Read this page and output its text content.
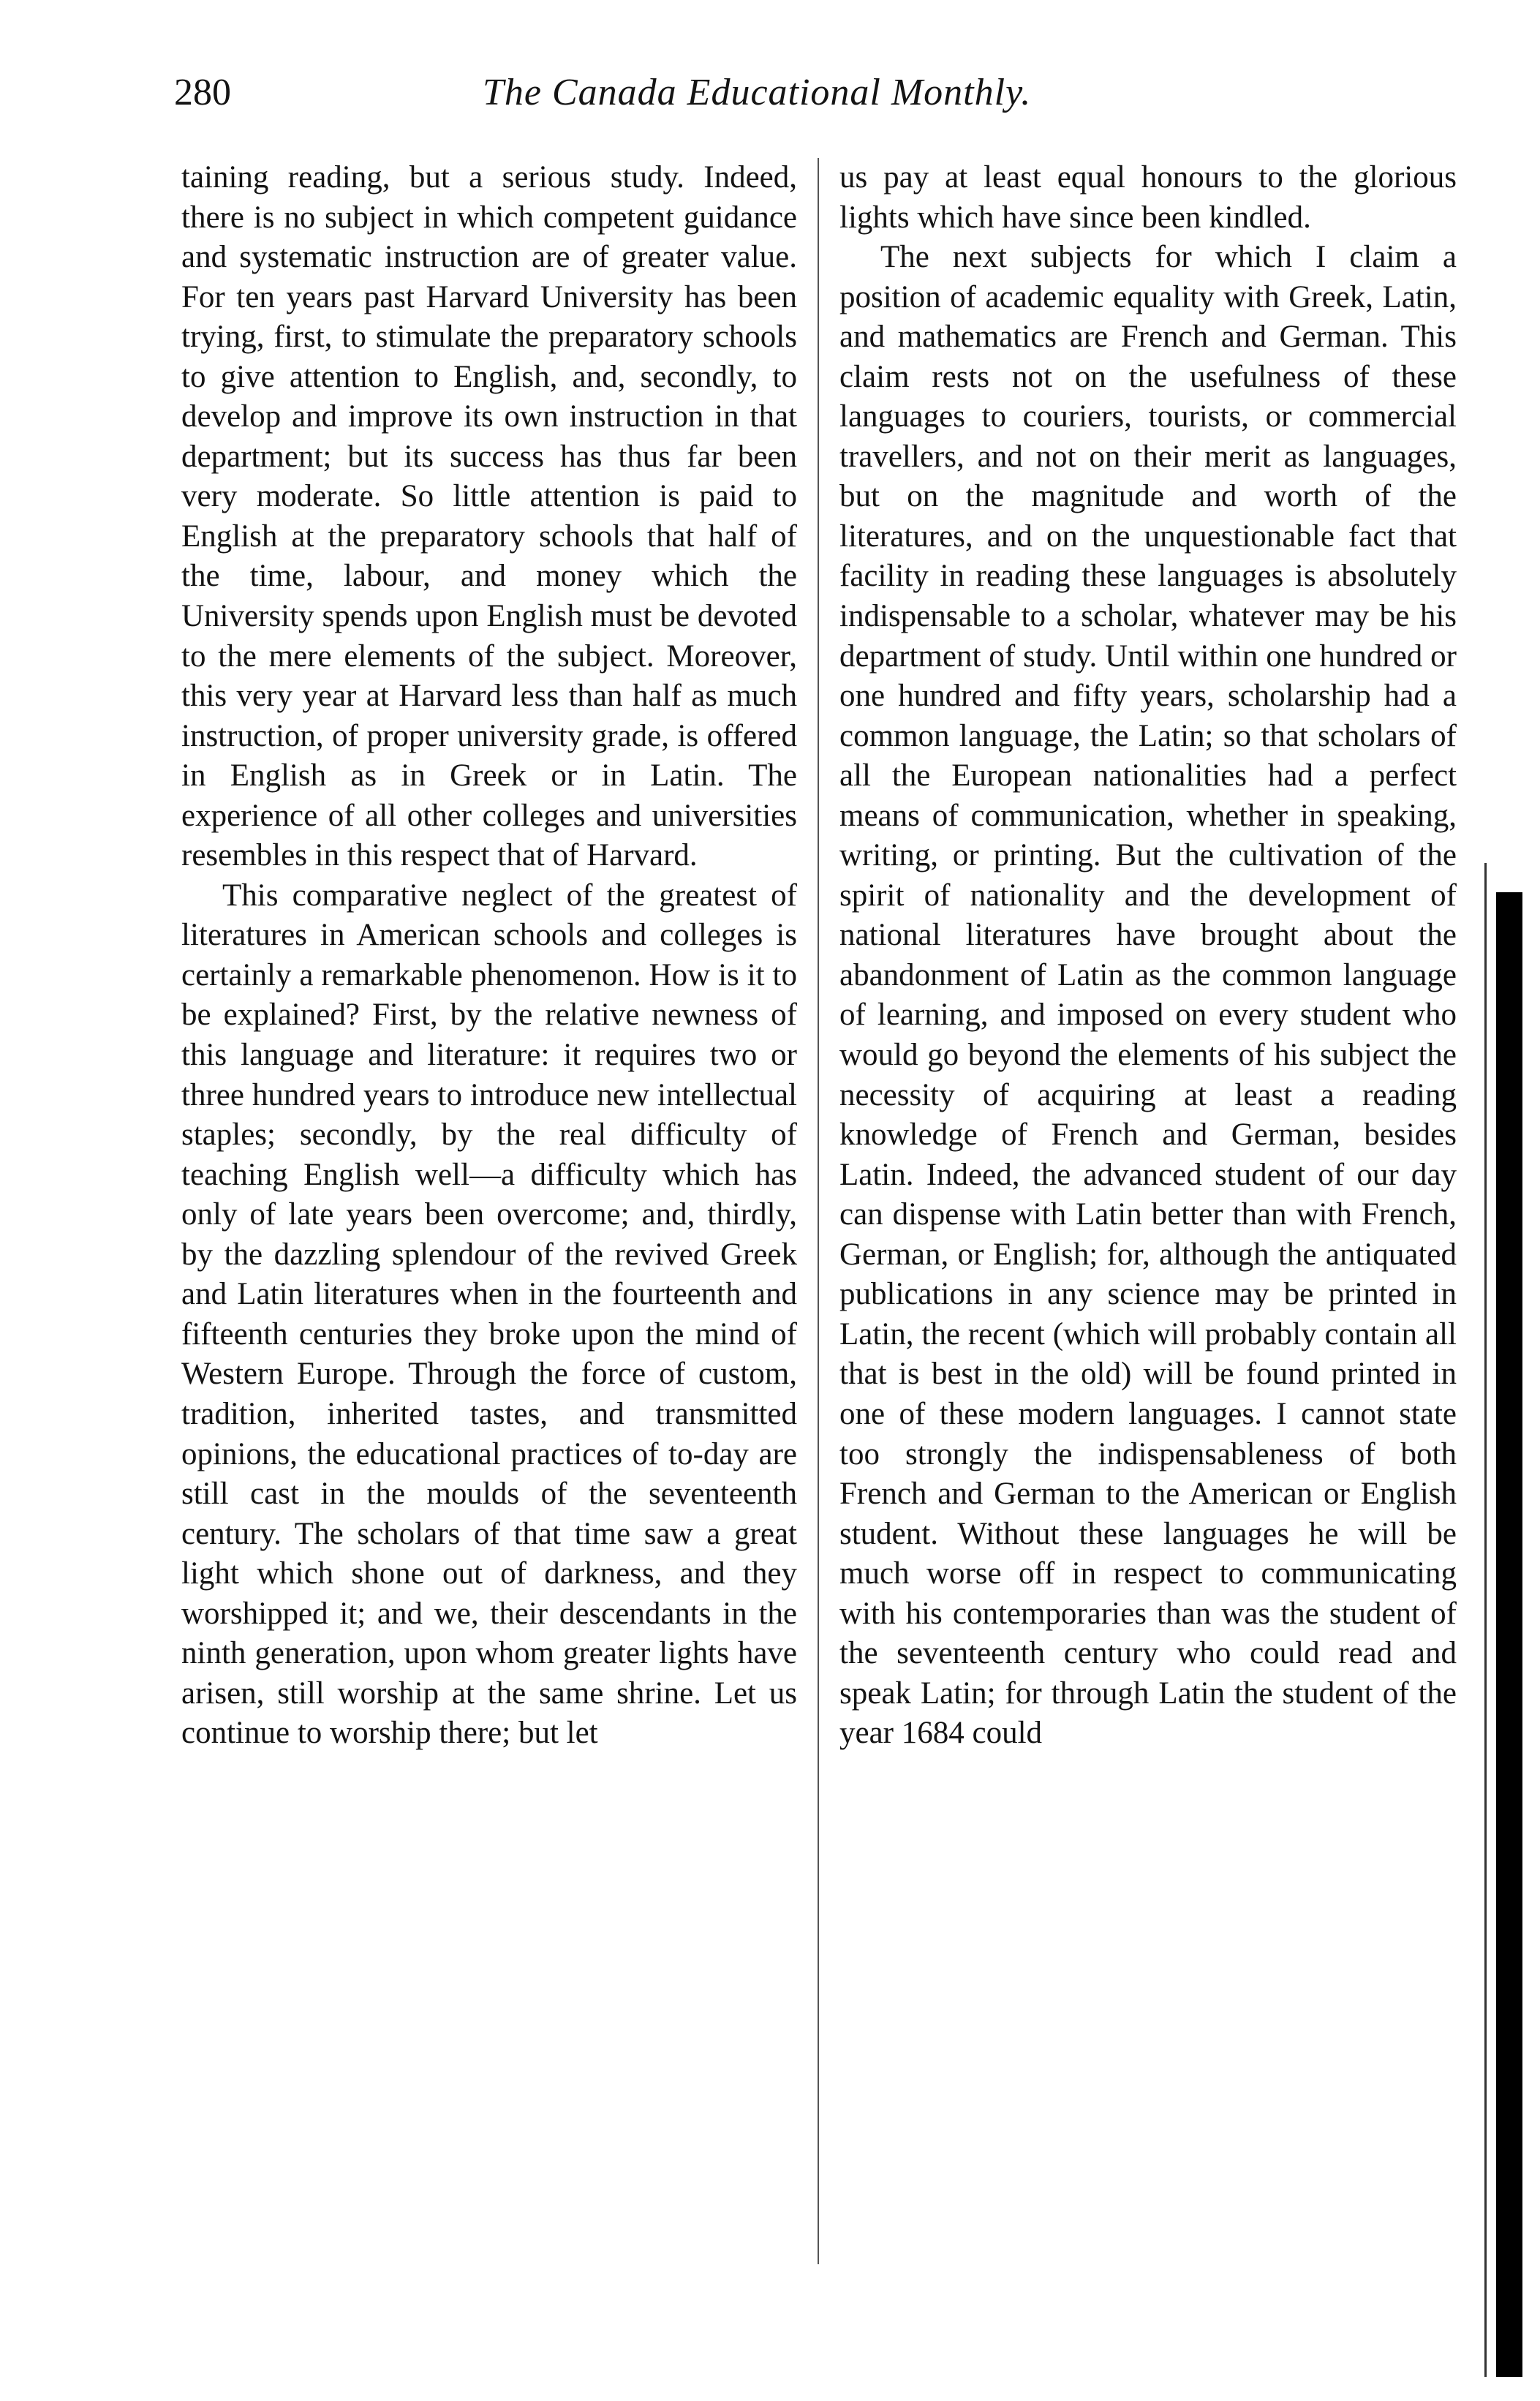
280	The Canada Educational Monthly.

taining reading, but a serious study. Indeed, there is no subject in which competent guidance and systematic instruction are of greater value. For ten years past Harvard University has been trying, first, to stimulate the preparatory schools to give attention to English, and, secondly, to develop and improve its own instruction in that department; but its success has thus far been very moderate. So little attention is paid to English at the preparatory schools that half of the time, labour, and money which the University spends upon English must be devoted to the mere elements of the subject. Moreover, this very year at Harvard less than half as much instruction, of proper university grade, is offered in English as in Greek or in Latin. The experience of all other colleges and universities resembles in this respect that of Harvard.

This comparative neglect of the greatest of literatures in American schools and colleges is certainly a remarkable phenomenon. How is it to be explained? First, by the relative newness of this language and literature: it requires two or three hundred years to introduce new intellectual staples; secondly, by the real difficulty of teaching English well—a difficulty which has only of late years been overcome; and, thirdly, by the dazzling splendour of the revived Greek and Latin literatures when in the fourteenth and fifteenth centuries they broke upon the mind of Western Europe. Through the force of custom, tradition, inherited tastes, and transmitted opinions, the educational practices of to-day are still cast in the moulds of the seventeenth century. The scholars of that time saw a great light which shone out of darkness, and they worshipped it; and we, their descendants in the ninth generation, upon whom greater lights have arisen, still worship at the same shrine. Let us continue to worship there; but let

us pay at least equal honours to the glorious lights which have since been kindled.

The next subjects for which I claim a position of academic equality with Greek, Latin, and mathematics are French and German. This claim rests not on the usefulness of these languages to couriers, tourists, or commercial travellers, and not on their merit as languages, but on the magnitude and worth of the literatures, and on the unquestionable fact that facility in reading these languages is absolutely indispensable to a scholar, whatever may be his department of study. Until within one hundred or one hundred and fifty years, scholarship had a common language, the Latin; so that scholars of all the European nationalities had a perfect means of communication, whether in speaking, writing, or printing. But the cultivation of the spirit of nationality and the development of national literatures have brought about the abandonment of Latin as the common language of learning, and imposed on every student who would go beyond the elements of his subject the necessity of acquiring at least a reading knowledge of French and German, besides Latin. Indeed, the advanced student of our day can dispense with Latin better than with French, German, or English; for, although the antiquated publications in any science may be printed in Latin, the recent (which will probably contain all that is best in the old) will be found printed in one of these modern languages. I cannot state too strongly the indispensableness of both French and German to the American or English student. Without these languages he will be much worse off in respect to communicating with his contemporaries than was the student of the seventeenth century who could read and speak Latin; for through Latin the student of the year 1684 could
